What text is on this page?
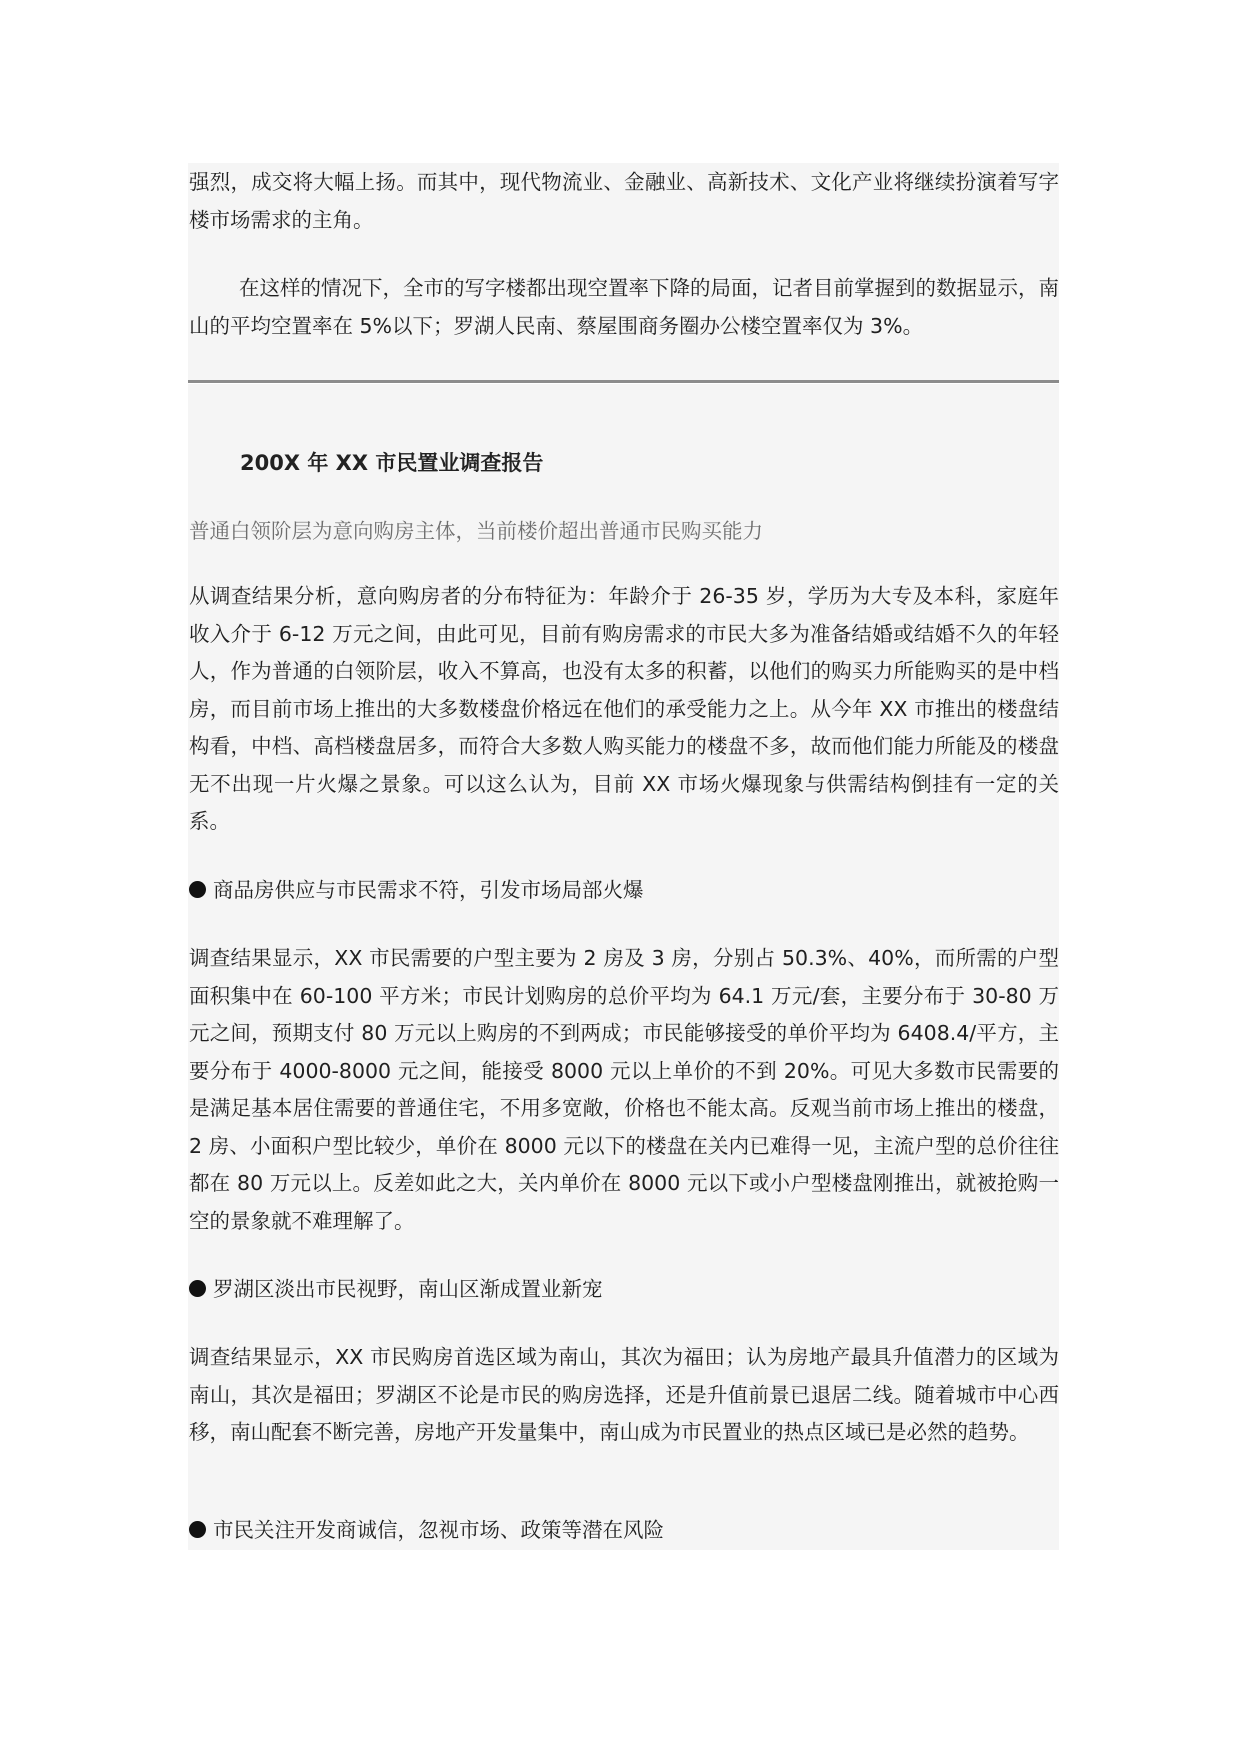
强烈，成交将大幅上扬。而其中，现代物流业、金融业、高新技术、文化产业将继续扮演着写字楼市场需求的主角。

在这样的情况下，全市的写字楼都出现空置率下降的局面，记者目前掌握到的数据显示，南山的平均空置率在 5%以下；罗湖人民南、蔡屋围商务圈办公楼空置率仅为 3%。

200X 年 XX 市民置业调查报告

普通白领阶层为意向购房主体，当前楼价超出普通市民购买能力

从调查结果分析，意向购房者的分布特征为：年龄介于 26-35 岁，学历为大专及本科，家庭年收入介于 6-12 万元之间，由此可见，目前有购房需求的市民大多为准备结婚或结婚不久的年轻人，作为普通的白领阶层，收入不算高，也没有太多的积蓄，以他们的购买力所能购买的是中档房，而目前市场上推出的大多数楼盘价格远在他们的承受能力之上。从今年 XX 市推出的楼盘结构看，中档、高档楼盘居多，而符合大多数人购买能力的楼盘不多，故而他们能力所能及的楼盘无不出现一片火爆之景象。可以这么认为，目前 XX 市场火爆现象与供需结构倒挂有一定的关系。

商品房供应与市民需求不符，引发市场局部火爆

调查结果显示，XX 市民需要的户型主要为 2 房及 3 房，分别占 50.3%、40%，而所需的户型面积集中在 60-100 平方米；市民计划购房的总价平均为 64.1 万元/套，主要分布于 30-80 万元之间，预期支付 80 万元以上购房的不到两成；市民能够接受的单价平均为 6408.4/平方，主要分布于 4000-8000 元之间，能接受 8000 元以上单价的不到 20%。可见大多数市民需要的是满足基本居住需要的普通住宅，不用多宽敞，价格也不能太高。反观当前市场上推出的楼盘，2 房、小面积户型比较少，单价在 8000 元以下的楼盘在关内已难得一见，主流户型的总价往往都在 80 万元以上。反差如此之大，关内单价在 8000 元以下或小户型楼盘刚推出，就被抢购一空的景象就不难理解了。

罗湖区淡出市民视野，南山区渐成置业新宠

调查结果显示，XX 市民购房首选区域为南山，其次为福田；认为房地产最具升值潜力的区域为南山，其次是福田；罗湖区不论是市民的购房选择，还是升值前景已退居二线。随着城市中心西移，南山配套不断完善，房地产开发量集中，南山成为市民置业的热点区域已是必然的趋势。

市民关注开发商诚信，忽视市场、政策等潜在风险
